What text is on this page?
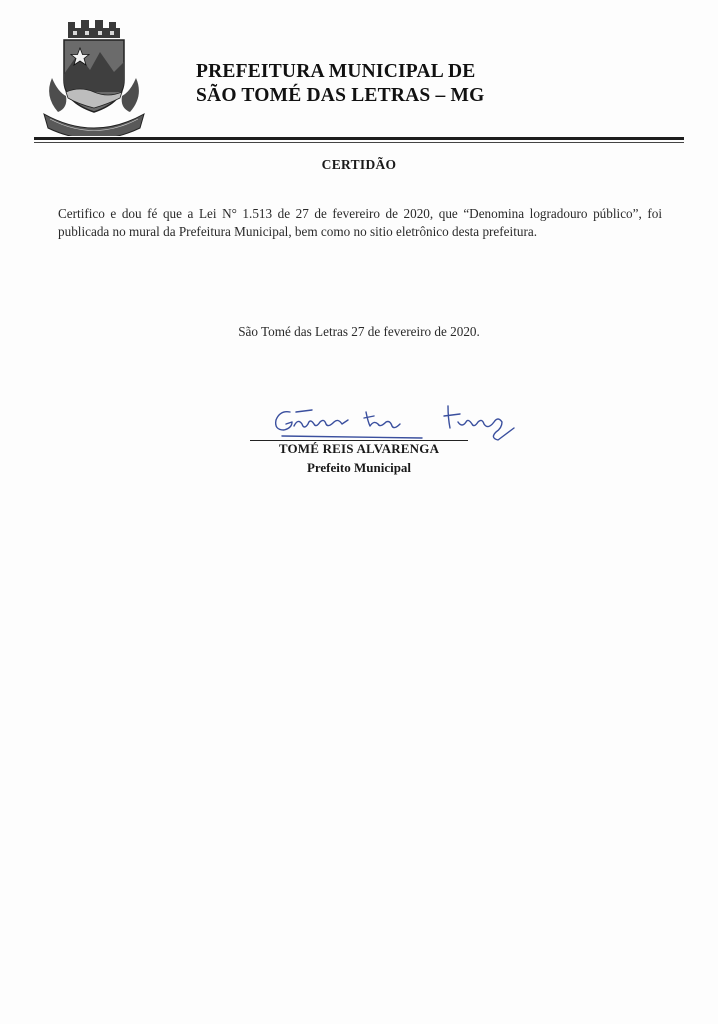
PREFEITURA MUNICIPAL DE
SÃO TOMÉ DAS LETRAS – MG
CERTIDÃO
Certifico e dou fé que a Lei N° 1.513 de 27 de fevereiro de 2020, que “Denomina logradouro público”, foi publicada no mural da Prefeitura Municipal, bem como no sitio eletrônico desta prefeitura.
São Tomé das Letras 27 de fevereiro de 2020.
TOMÉ REIS ALVARENGA
Prefeito Municipal
